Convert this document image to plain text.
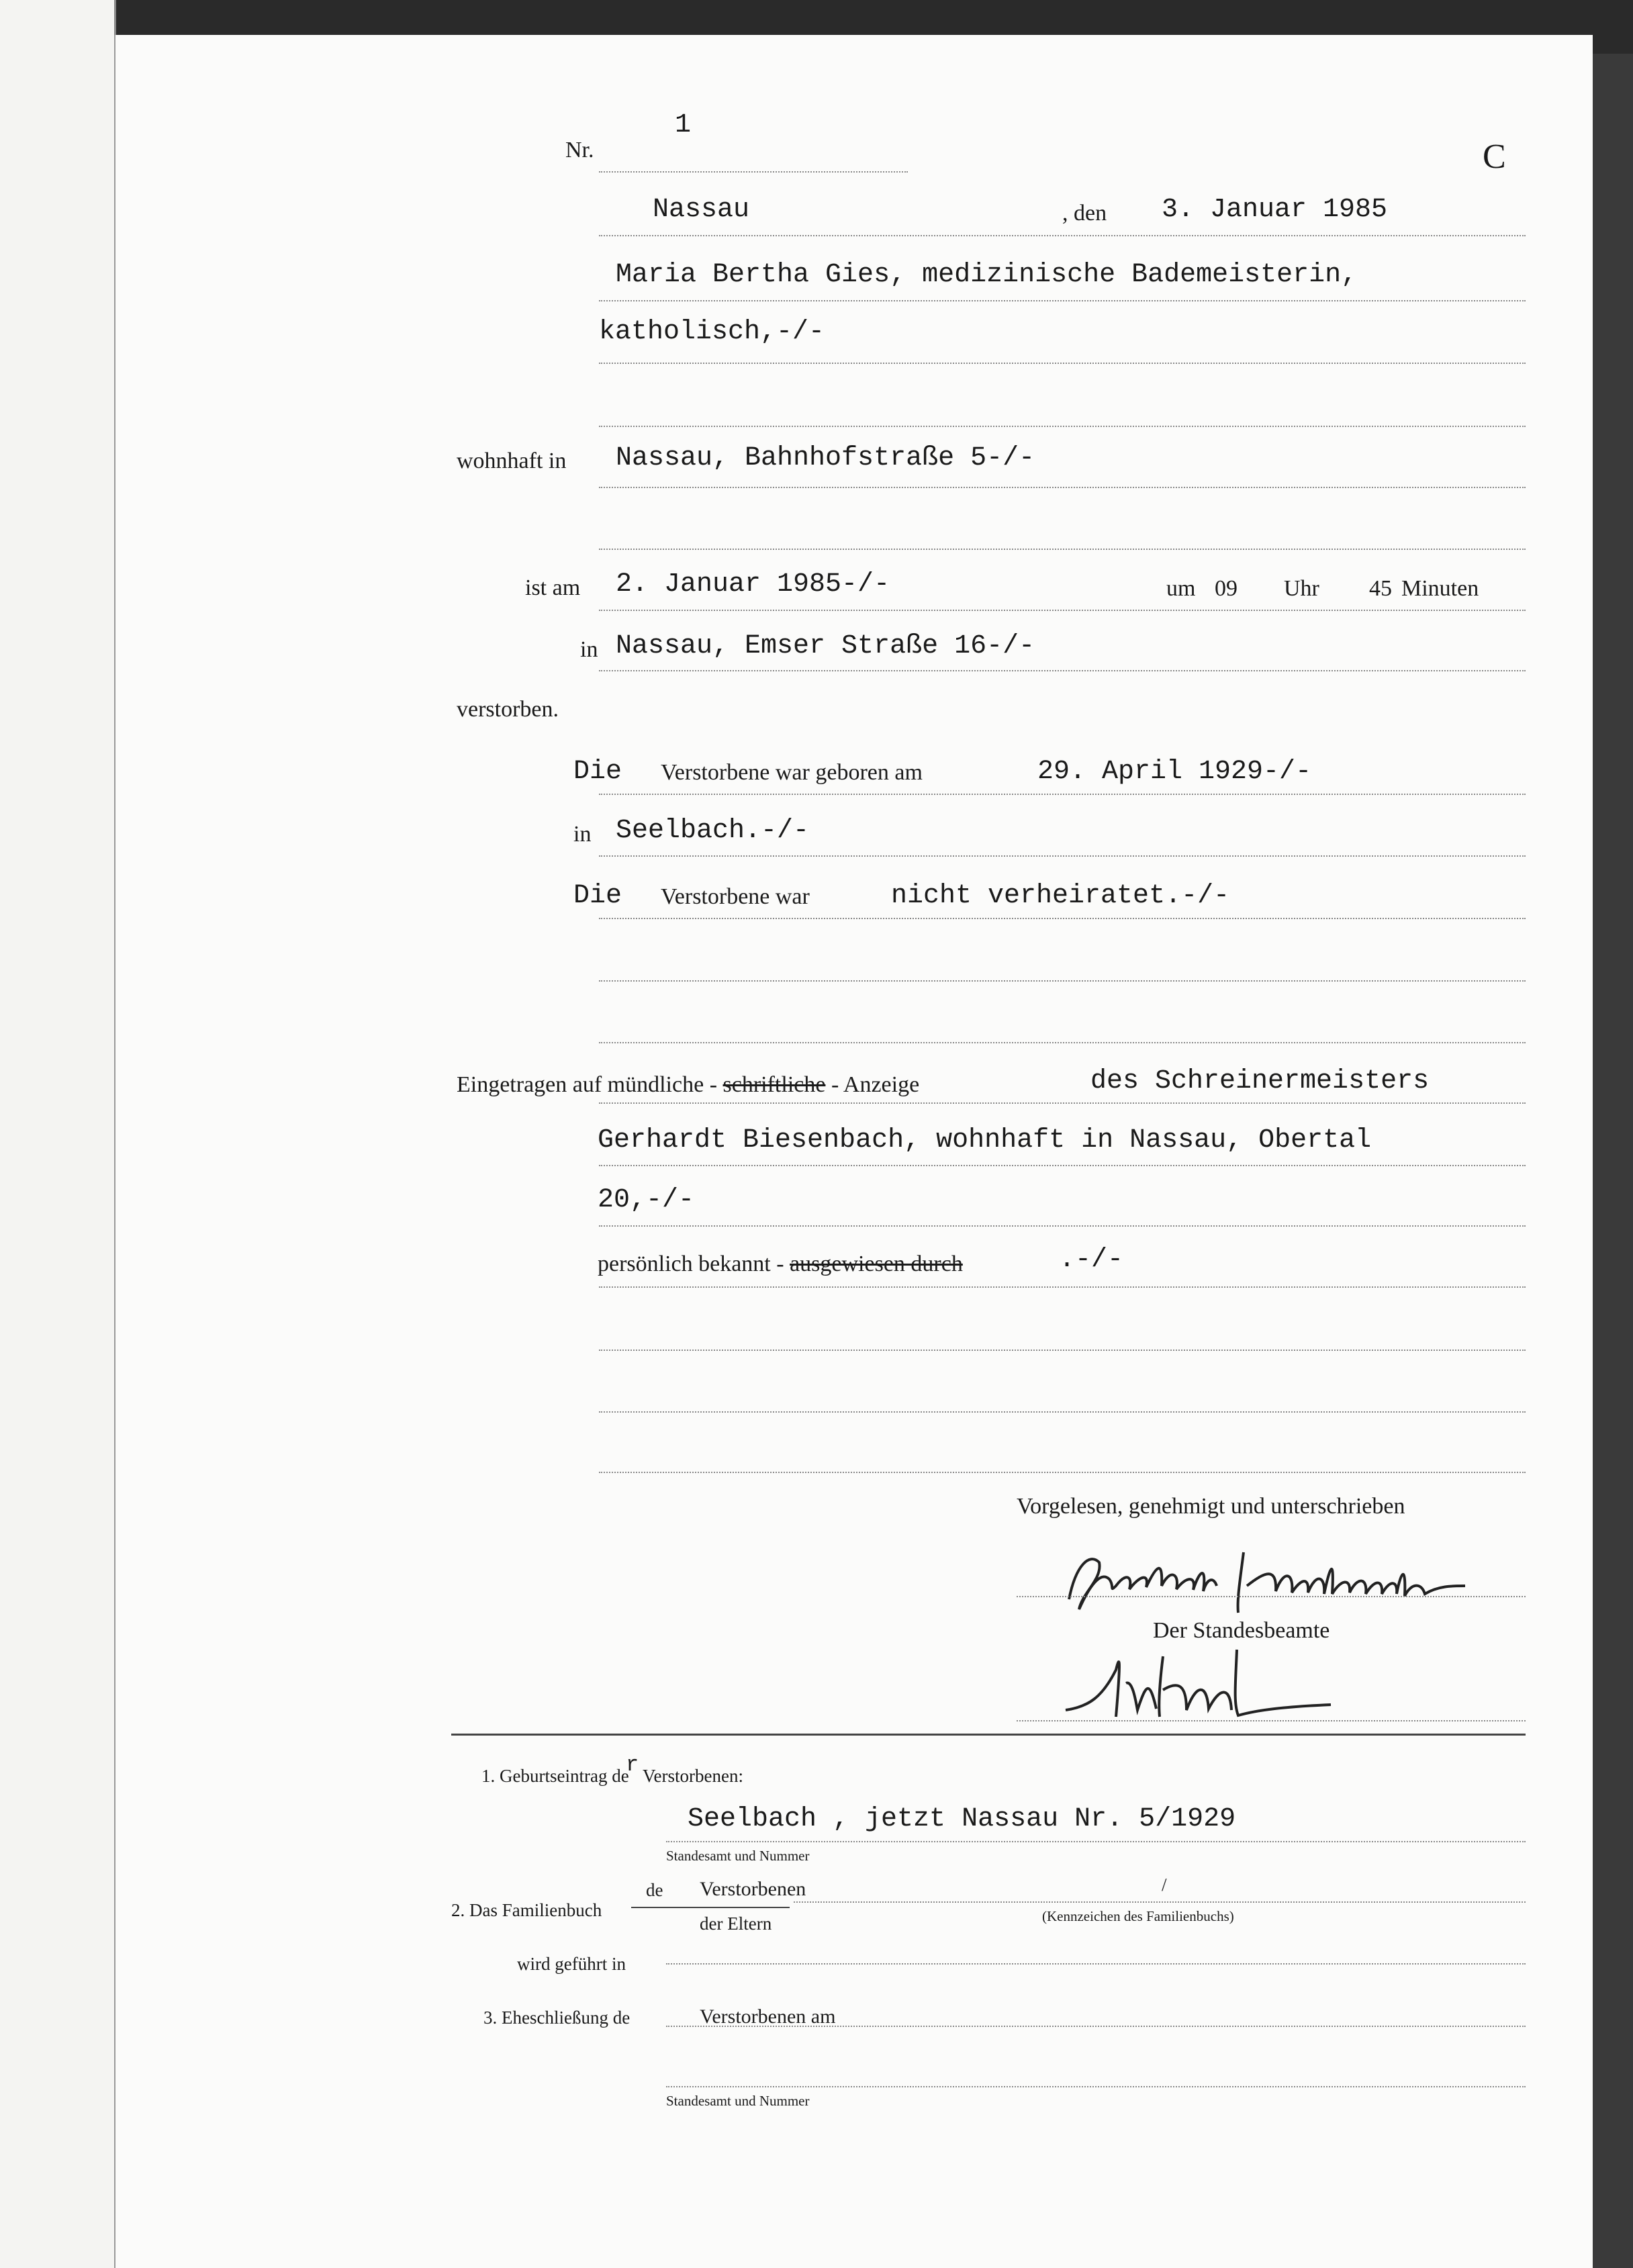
Nr.
1
C
Nassau	, den 3. Januar 1985
Maria Bertha Gies, medizinische Bademeisterin,
katholisch,-/-
wohnhaft in Nassau, Bahnhofstraße 5-/-
ist am 2. Januar 1985-/-	um 09 Uhr 45 Minuten
in Nassau, Emser Straße 16-/-
verstorben.
Die Verstorbene war geboren am	29. April 1929-/-
in Seelbach.-/-
Die Verstorbene war	nicht verheiratet.-/-
Eingetragen auf mündliche - schriftliche - Anzeige	des Schreinermeisters
Gerhardt Biesenbach, wohnhaft in Nassau, Obertal
20,-/-
persönlich bekannt - ausgewiesen durch	.-/-
Vorgelesen, genehmigt und unterschrieben
Der Standesbeamte
1. Geburtseintrag de
r Verstorbenen:
Seelbach , jetzt Nassau Nr. 5/1929
Standesamt und Nummer
2. Das Familienbuch
de Verstorbenen
der Eltern
/
(Kennzeichen des Familienbuchs)
wird geführt in
3. Eheschließung de	Verstorbenen am
Standesamt und Nummer
